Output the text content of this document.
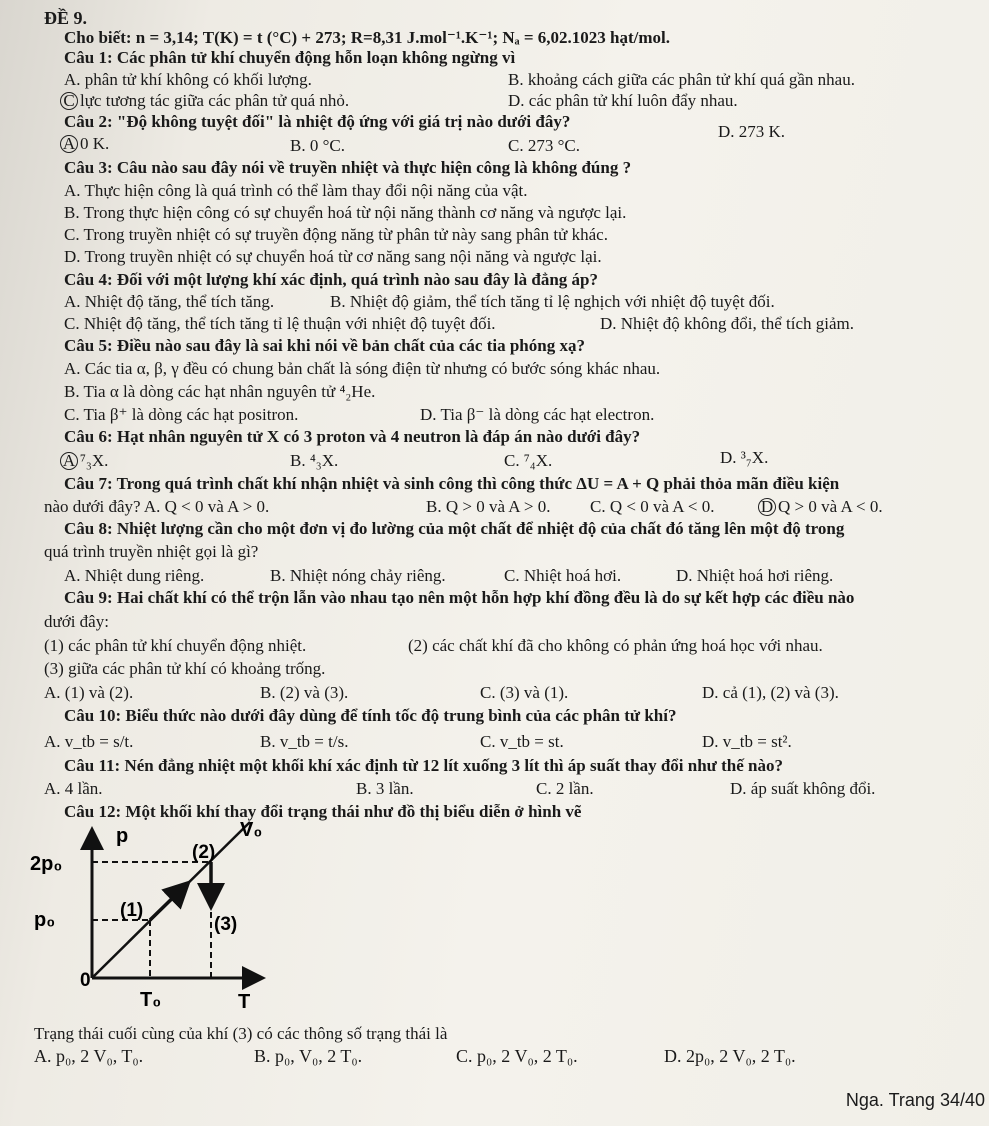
ĐỀ 9.
Cho biết: n = 3,14; T(K) = t (°C) + 273; R=8,31 J.mol⁻¹.K⁻¹; Nₐ = 6,02.1023 hạt/mol.
Câu 1: Các phân tử khí chuyển động hỗn loạn không ngừng vì
A. phân tử khí không có khối lượng.	B. khoảng cách giữa các phân tử khí quá gần nhau.
C lực tương tác giữa các phân tử quá nhỏ.	D. các phân tử khí luôn đẩy nhau.
Câu 2: "Độ không tuyệt đối" là nhiệt độ ứng với giá trị nào dưới đây?
A 0 K.	B. 0 °C.	C. 273 °C.
D. 273 K.
Câu 3: Câu nào sau đây nói về truyền nhiệt và thực hiện công là không đúng ?
A. Thực hiện công là quá trình có thể làm thay đổi nội năng của vật.
B. Trong thực hiện công có sự chuyển hoá từ nội năng thành cơ năng và ngược lại.
C. Trong truyền nhiệt có sự truyền động năng từ phân tử này sang phân tử khác.
D. Trong truyền nhiệt có sự chuyển hoá từ cơ năng sang nội năng và ngược lại.
Câu 4: Đối với một lượng khí xác định, quá trình nào sau đây là đẳng áp?
A. Nhiệt độ tăng, thể tích tăng.	B. Nhiệt độ giảm, thể tích tăng tỉ lệ nghịch với nhiệt độ tuyệt đối.
C. Nhiệt độ tăng, thể tích tăng tỉ lệ thuận với nhiệt độ tuyệt đối.	D. Nhiệt độ không đổi, thể tích giảm.
Câu 5: Điều nào sau đây là sai khi nói về bản chất của các tia phóng xạ?
A. Các tia α, β, γ đều có chung bản chất là sóng điện từ nhưng có bước sóng khác nhau.
B. Tia α là dòng các hạt nhân nguyên tử ⁴₂He.
C. Tia β⁺ là dòng các hạt positron.	D. Tia β⁻ là dòng các hạt electron.
Câu 6: Hạt nhân nguyên tử X có 3 proton và 4 neutron là đáp án nào dưới đây?
A ⁷₃X.	B. ⁴₃X.	C. ⁷₄X.	D. ³₇X.
Câu 7: Trong quá trình chất khí nhận nhiệt và sinh công thì công thức ΔU = A + Q phải thỏa mãn điều kiện
nào dưới đây? A. Q < 0 và A > 0.	B. Q > 0 và A > 0. C. Q < 0 và A < 0.	D Q > 0 và A < 0.
Câu 8: Nhiệt lượng cần cho một đơn vị đo lường của một chất để nhiệt độ của chất đó tăng lên một độ trong
quá trình truyền nhiệt gọi là gì?
A. Nhiệt dung riêng.	B. Nhiệt nóng chảy riêng.	C. Nhiệt hoá hơi.	D. Nhiệt hoá hơi riêng.
Câu 9: Hai chất khí có thể trộn lẫn vào nhau tạo nên một hỗn hợp khí đồng đều là do sự kết hợp các điều nào
dưới đây:
(1) các phân tử khí chuyển động nhiệt.	(2) các chất khí đã cho không có phản ứng hoá học với nhau.
(3) giữa các phân tử khí có khoảng trống.
A. (1) và (2).	B. (2) và (3).	C. (3) và (1).	D. cả (1), (2) và (3).
Câu 10: Biểu thức nào dưới đây dùng để tính tốc độ trung bình của các phân tử khí?
A. v_tb = s/t.	B. v_tb = t/s.	C. v_tb = st.	D. v_tb = st².
Câu 11: Nén đẳng nhiệt một khối khí xác định từ 12 lít xuống 3 lít thì áp suất thay đổi như thế nào?
A. 4 lần.	B. 3 lần.	C. 2 lần.	D. áp suất không đổi.
Câu 12: Một khối khí thay đổi trạng thái như đồ thị biểu diễn ở hình vẽ
p
2p₀
p₀
0
T₀	T
V₀
(1)
(2)
(3)
Trạng thái cuối cùng của khí (3) có các thông số trạng thái là
A. p₀, 2 V₀, T₀.	B. p₀, V₀, 2 T₀.	C. p₀, 2 V₀, 2 T₀.	D. 2p₀, 2 V₀, 2 T₀.
Nga. Trang 34/40
